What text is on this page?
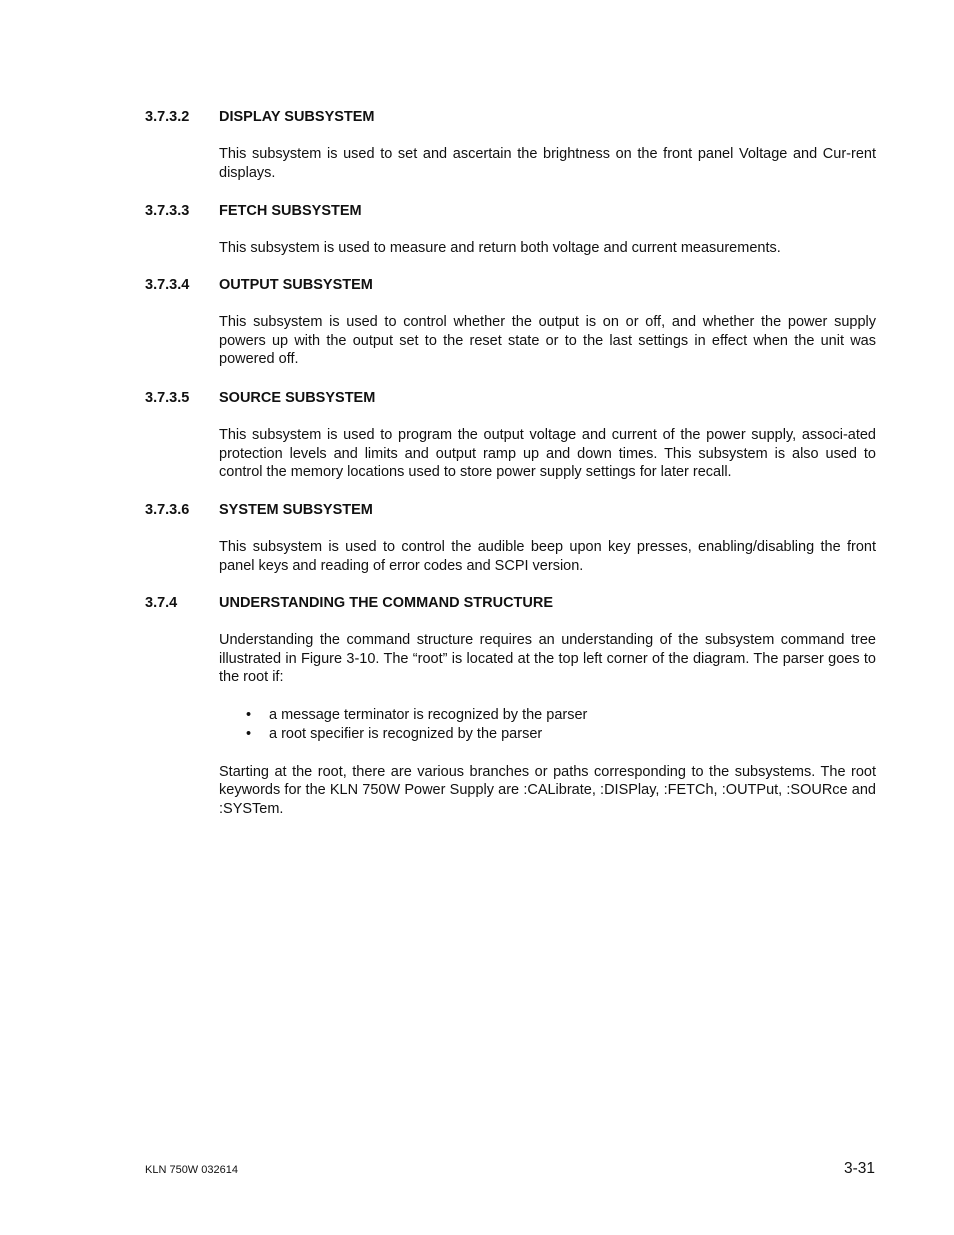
3.7.3.2 DISPLAY SUBSYSTEM

This subsystem is used to set and ascertain the brightness on the front panel Voltage and Cur-rent displays.

3.7.3.3 FETCH SUBSYSTEM

This subsystem is used to measure and return both voltage and current measurements.

3.7.3.4 OUTPUT SUBSYSTEM

This subsystem is used to control whether the output is on or off, and whether the power supply powers up with the output set to the reset state or to the last settings in effect when the unit was powered off.

3.7.3.5 SOURCE SUBSYSTEM

This subsystem is used to program the output voltage and current of the power supply, associ-ated protection levels and limits and output ramp up and down times. This subsystem is also used to control the memory locations used to store power supply settings for later recall.

3.7.3.6 SYSTEM SUBSYSTEM

This subsystem is used to control the audible beep upon key presses, enabling/disabling the front panel keys and reading of error codes and SCPI version.

3.7.4	UNDERSTANDING THE COMMAND STRUCTURE

Understanding the command structure requires an understanding of the subsystem command tree illustrated in Figure 3-10. The “root” is located at the top left corner of the diagram. The parser goes to the root if:

• a message terminator is recognized by the parser
• a root specifier is recognized by the parser

Starting at the root, there are various branches or paths corresponding to the subsystems. The root keywords for the KLN 750W Power Supply are :CALibrate, :DISPlay, :FETCh, :OUTPut, :SOURce and :SYSTem.

KLN 750W 032614	3-31
